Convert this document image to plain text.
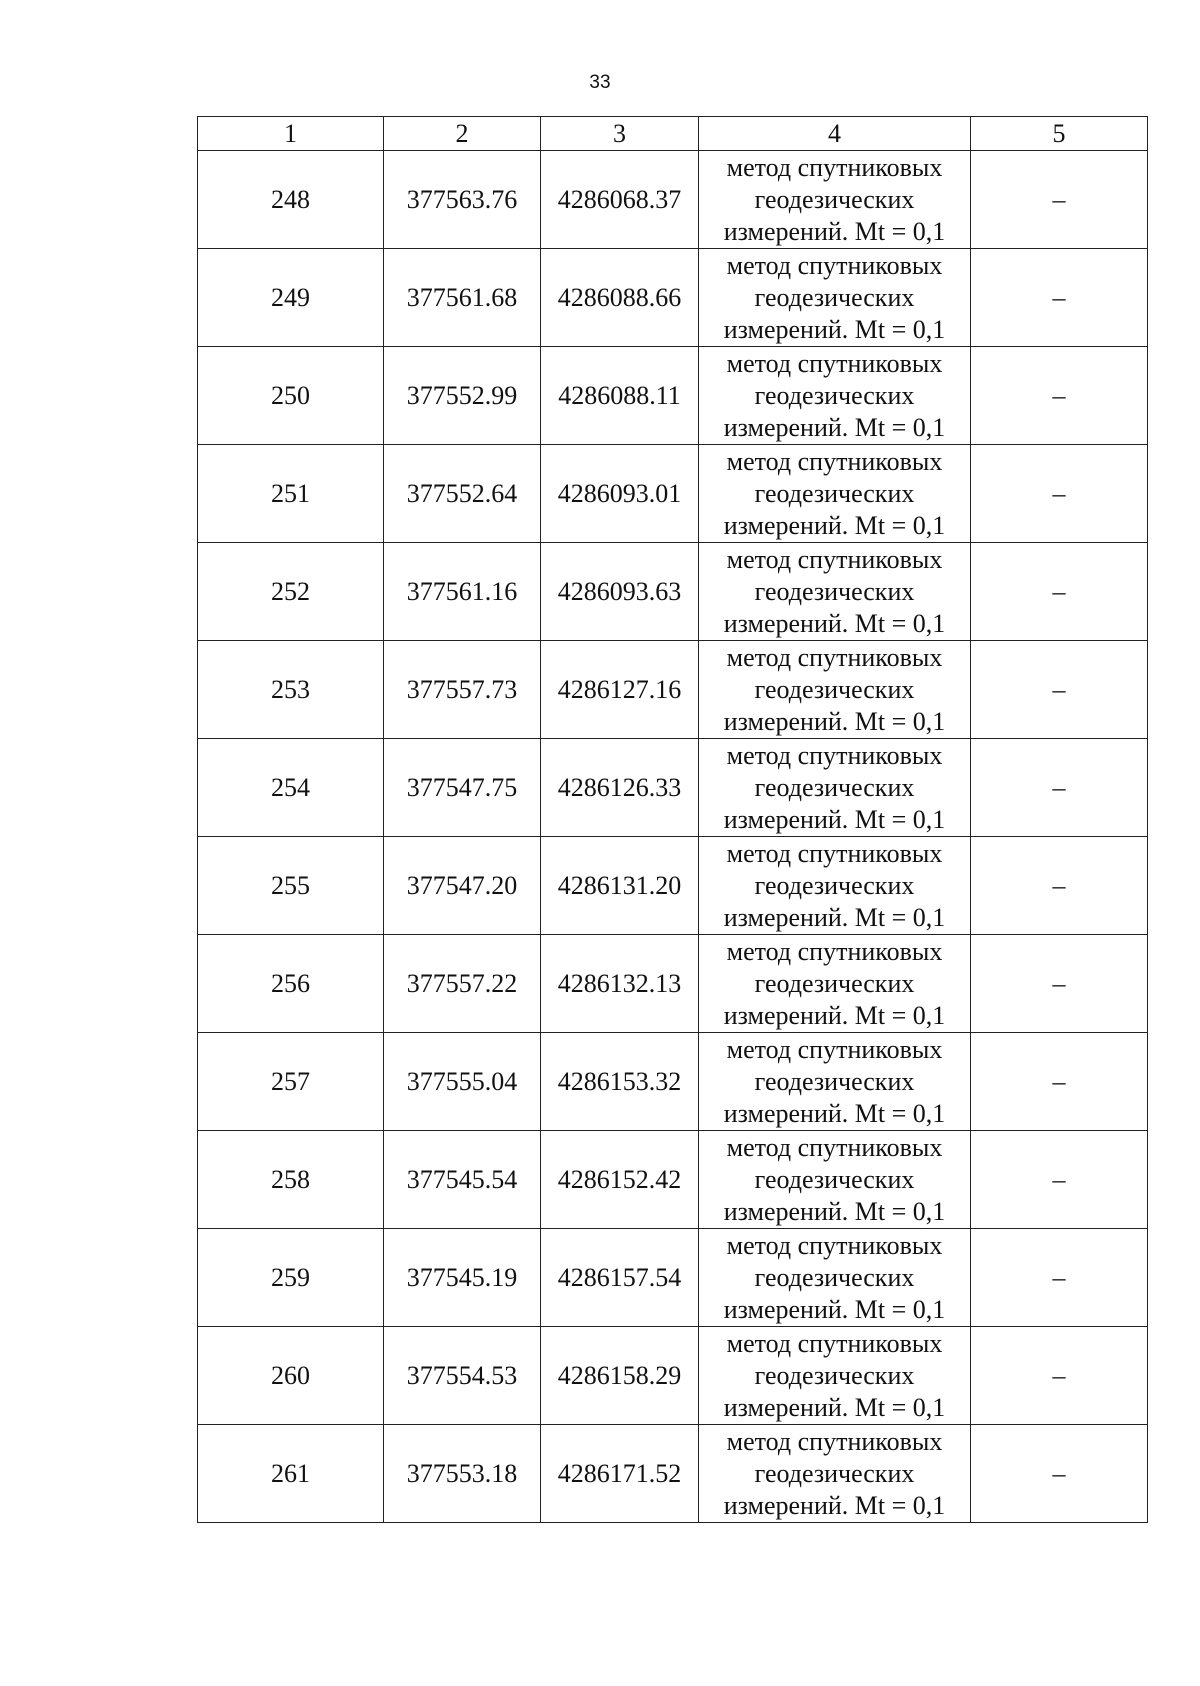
33
1	2	3	4	5
248	377563.76	4286068.37	метод спутниковых
геодезических
измерений. Mt = 0,1	–
249	377561.68	4286088.66	метод спутниковых
геодезических
измерений. Mt = 0,1	–
250	377552.99	4286088.11	метод спутниковых
геодезических
измерений. Mt = 0,1	–
251	377552.64	4286093.01	метод спутниковых
геодезических
измерений. Mt = 0,1	–
252	377561.16	4286093.63	метод спутниковых
геодезических
измерений. Mt = 0,1	–
253	377557.73	4286127.16	метод спутниковых
геодезических
измерений. Mt = 0,1	–
254	377547.75	4286126.33	метод спутниковых
геодезических
измерений. Mt = 0,1	–
255	377547.20	4286131.20	метод спутниковых
геодезических
измерений. Mt = 0,1	–
256	377557.22	4286132.13	метод спутниковых
геодезических
измерений. Mt = 0,1	–
257	377555.04	4286153.32	метод спутниковых
геодезических
измерений. Mt = 0,1	–
258	377545.54	4286152.42	метод спутниковых
геодезических
измерений. Mt = 0,1	–
259	377545.19	4286157.54	метод спутниковых
геодезических
измерений. Mt = 0,1	–
260	377554.53	4286158.29	метод спутниковых
геодезических
измерений. Mt = 0,1	–
261	377553.18	4286171.52	метод спутниковых
геодезических
измерений. Mt = 0,1	–
